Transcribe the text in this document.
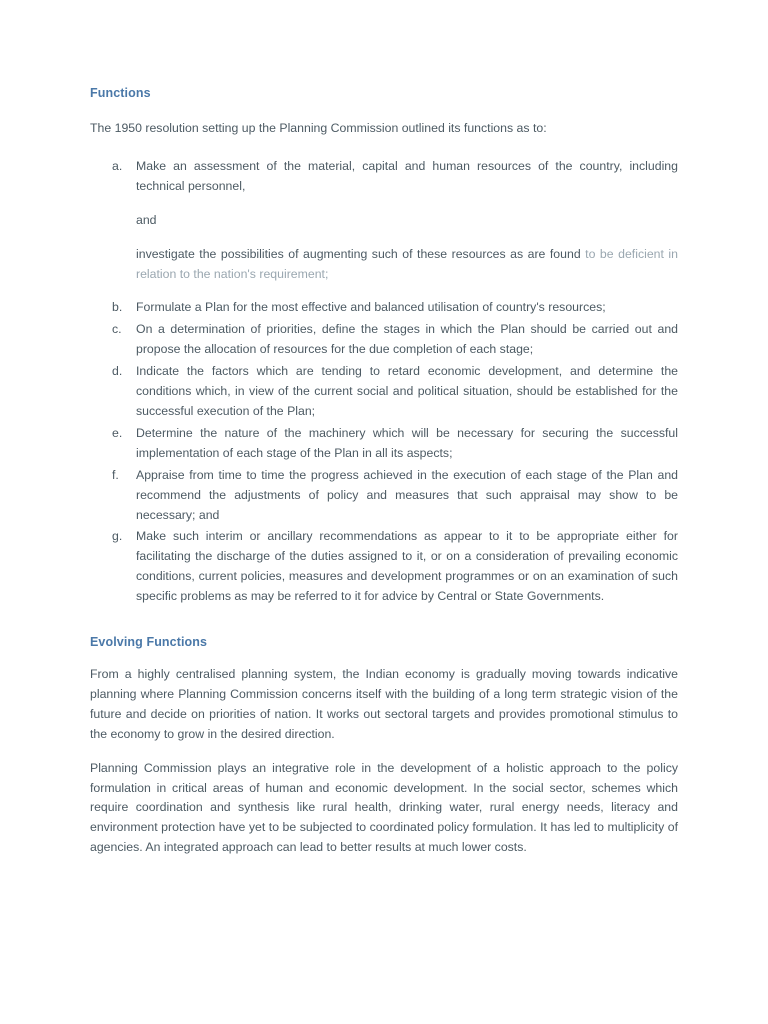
Functions

The 1950 resolution setting up the Planning Commission outlined its functions as to:

a.	Make an assessment of the material, capital and human resources of the country, including technical personnel,
and
investigate the possibilities of augmenting such of these resources as are found to be deficient in relation to the nation's requirement;
b.	Formulate a Plan for the most effective and balanced utilisation of country's resources;
c.	On a determination of priorities, define the stages in which the Plan should be carried out and propose the allocation of resources for the due completion of each stage;
d.	Indicate the factors which are tending to retard economic development, and determine the conditions which, in view of the current social and political situation, should be established for the successful execution of the Plan;
e.	Determine the nature of the machinery which will be necessary for securing the successful implementation of each stage of the Plan in all its aspects;
f.	Appraise from time to time the progress achieved in the execution of each stage of the Plan and recommend the adjustments of policy and measures that such appraisal may show to be necessary; and
g.	Make such interim or ancillary recommendations as appear to it to be appropriate either for facilitating the discharge of the duties assigned to it, or on a consideration of prevailing economic conditions, current policies, measures and development programmes or on an examination of such specific problems as may be referred to it for advice by Central or State Governments.
Evolving Functions

From a highly centralised planning system, the Indian economy is gradually moving towards indicative planning where Planning Commission concerns itself with the building of a long term strategic vision of the future and decide on priorities of nation. It works out sectoral targets and provides promotional stimulus to the economy to grow in the desired direction.

Planning Commission plays an integrative role in the development of a holistic approach to the policy formulation in critical areas of human and economic development. In the social sector, schemes which require coordination and synthesis like rural health, drinking water, rural energy needs, literacy and environment protection have yet to be subjected to coordinated policy formulation. It has led to multiplicity of agencies. An integrated approach can lead to better results at much lower costs.
